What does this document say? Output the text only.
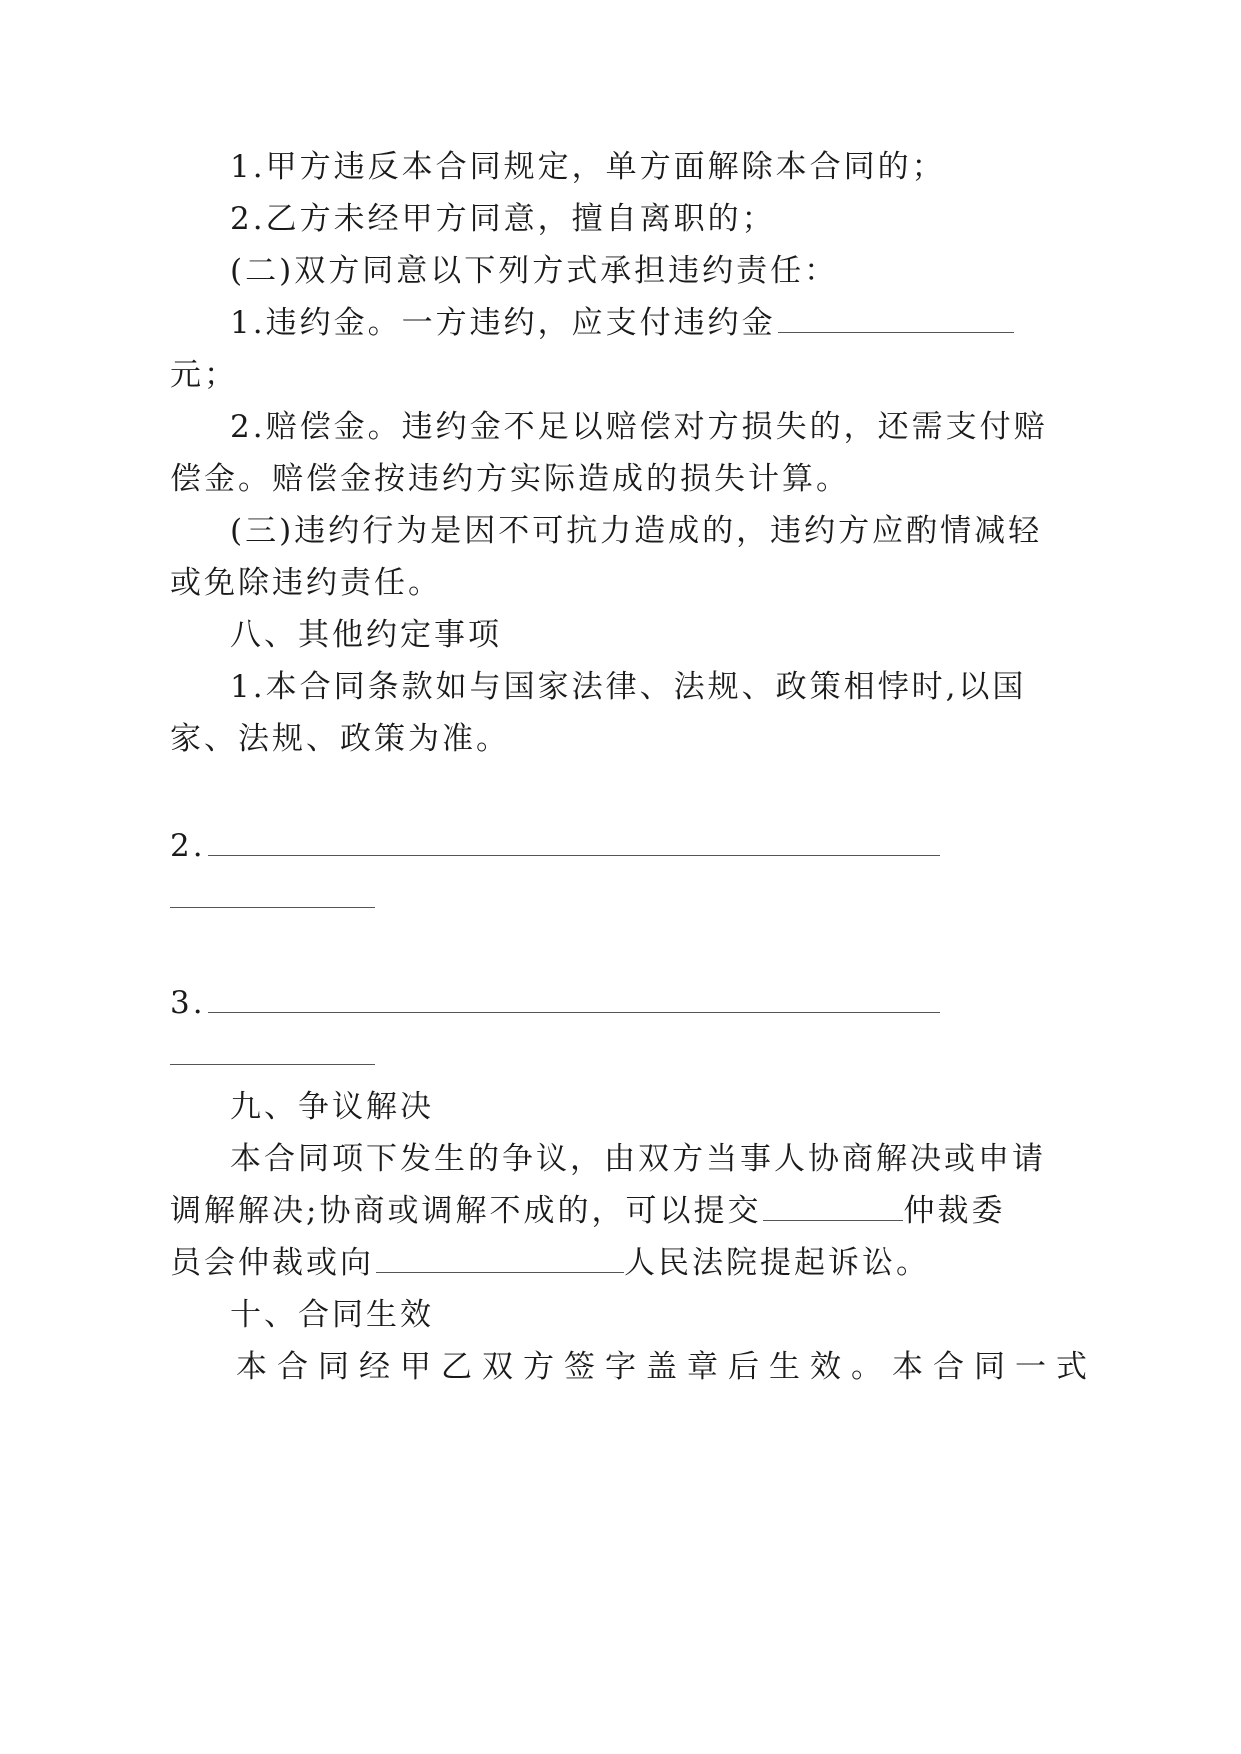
1.甲方违反本合同规定，单方面解除本合同的；
2.乙方未经甲方同意，擅自离职的；
(二)双方同意以下列方式承担违约责任：
1.违约金。一方违约，应支付违约金
元；
2.赔偿金。违约金不足以赔偿对方损失的，还需支付赔
偿金。赔偿金按违约方实际造成的损失计算。
(三)违约行为是因不可抗力造成的，违约方应酌情减轻
或免除违约责任。
八、其他约定事项
1.本合同条款如与国家法律、法规、政策相悖时,以国
家、法规、政策为准。
2.
3.
九、争议解决
本合同项下发生的争议，由双方当事人协商解决或申请
调解解决;协商或调解不成的，可以提交	仲裁委
员会仲裁或向	人民法院提起诉讼。
十、合同生效
本合同经甲乙双方签字盖章后生效。本合同一式
